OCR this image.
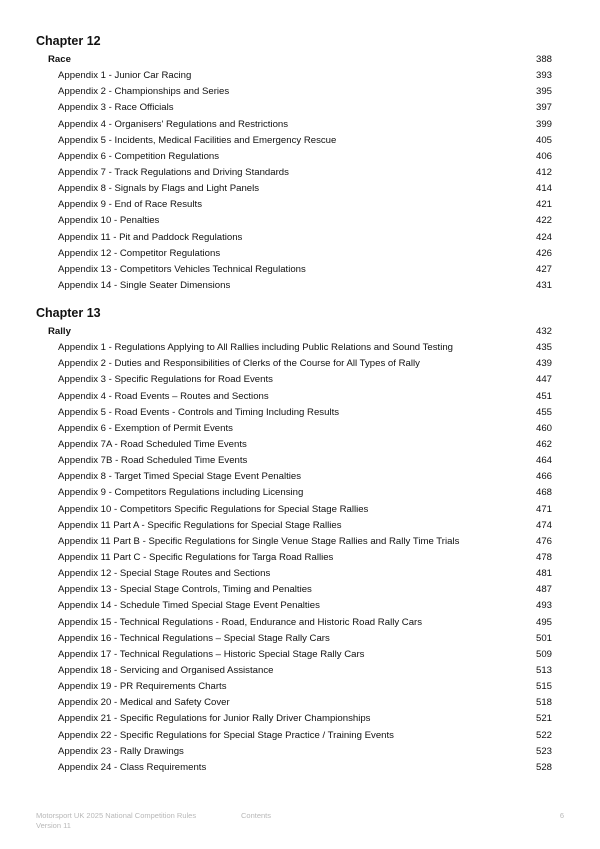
Chapter 12
Race	388
Appendix 1 - Junior Car Racing	393
Appendix 2 - Championships and Series	395
Appendix 3 - Race Officials	397
Appendix 4 - Organisers' Regulations and Restrictions	399
Appendix 5 - Incidents, Medical Facilities and Emergency Rescue	405
Appendix 6 - Competition Regulations	406
Appendix 7 - Track Regulations and Driving Standards	412
Appendix 8 - Signals by Flags and Light Panels	414
Appendix 9 - End of Race Results	421
Appendix 10 - Penalties	422
Appendix 11 - Pit and Paddock Regulations	424
Appendix 12 - Competitor Regulations	426
Appendix 13 - Competitors Vehicles Technical Regulations	427
Appendix 14 - Single Seater Dimensions	431
Chapter 13
Rally	432
Appendix 1 - Regulations Applying to All Rallies including Public Relations and Sound Testing	435
Appendix 2 - Duties and Responsibilities of Clerks of the Course for All Types of Rally	439
Appendix 3 - Specific Regulations for Road Events	447
Appendix 4 - Road Events – Routes and Sections	451
Appendix 5 - Road Events - Controls and Timing Including Results	455
Appendix 6 - Exemption of Permit Events	460
Appendix 7A - Road Scheduled Time Events	462
Appendix 7B - Road Scheduled Time Events	464
Appendix 8 - Target Timed Special Stage Event Penalties	466
Appendix 9 - Competitors Regulations including Licensing	468
Appendix 10 - Competitors Specific Regulations for Special Stage Rallies	471
Appendix 11 Part A - Specific Regulations for Special Stage Rallies	474
Appendix 11 Part B - Specific Regulations for Single Venue Stage Rallies and Rally Time Trials	476
Appendix 11 Part C - Specific Regulations for Targa Road Rallies	478
Appendix 12 - Special Stage Routes and Sections	481
Appendix 13 - Special Stage Controls, Timing and Penalties	487
Appendix 14 - Schedule Timed Special Stage Event Penalties	493
Appendix 15 - Technical Regulations - Road, Endurance and Historic Road Rally Cars	495
Appendix 16 - Technical Regulations – Special Stage Rally Cars	501
Appendix 17 - Technical Regulations – Historic Special Stage Rally Cars	509
Appendix 18 - Servicing and Organised Assistance	513
Appendix 19 - PR Requirements Charts	515
Appendix 20 - Medical and Safety Cover	518
Appendix 21 - Specific Regulations for Junior Rally Driver Championships	521
Appendix 22 - Specific Regulations for Special Stage Practice / Training Events	522
Appendix 23 - Rally Drawings	523
Appendix 24 - Class Requirements	528
Motorsport UK 2025 National Competition Rules	Contents	6
Version 11
